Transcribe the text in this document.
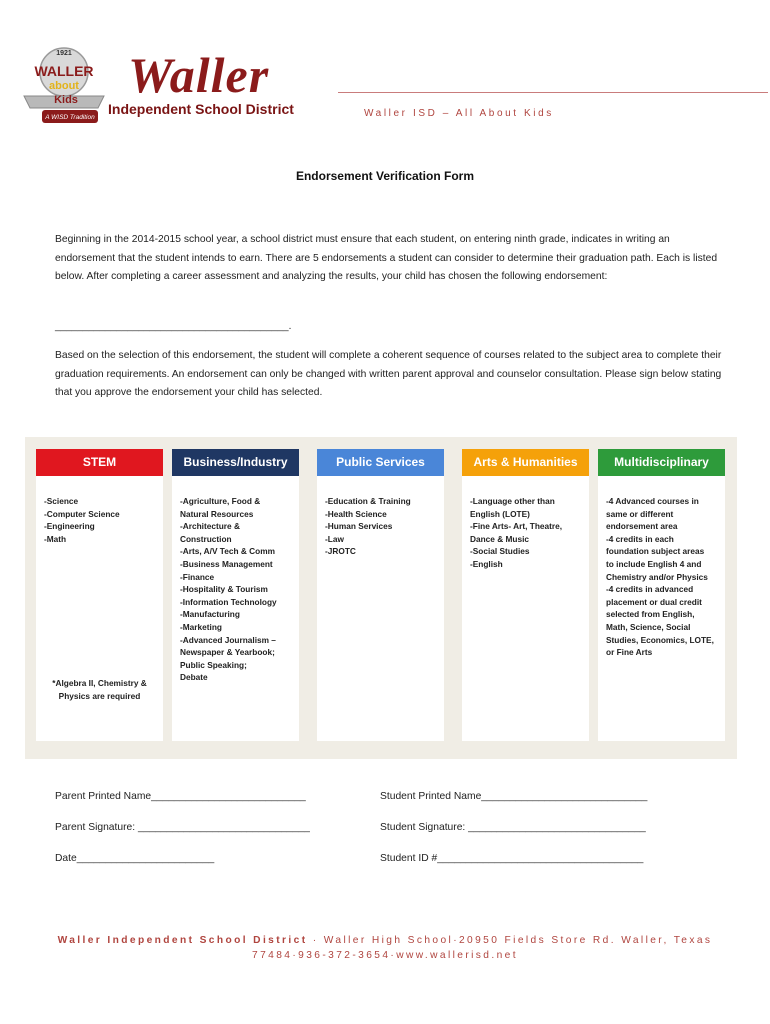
1921
WALLER
about
Kids
A WISD Tradition
Waller
Independent School District	Waller ISD – All About Kids
Endorsement Verification Form
Beginning in the 2014-2015 school year, a school district must ensure that each student, on entering ninth grade, indicates in writing an endorsement that the student intends to earn. There are 5 endorsements a student can consider to determine their graduation path. Each is listed below. After completing a career assessment and analyzing the results, your child has chosen the following endorsement:
__________________________________________.
Based on the selection of this endorsement, the student will complete a coherent sequence of courses related to the subject area to complete their graduation requirements. An endorsement can only be changed with written parent approval and counselor consultation. Please sign below stating that you approve the endorsement your child has selected.
STEM
-Science
-Computer Science
-Engineering
-Math
*Algebra II, Chemistry &
Physics are required
Business/Industry
-Agriculture, Food &
Natural Resources
-Architecture &
Construction
-Arts, A/V Tech & Comm
-Business Management
-Finance
-Hospitality & Tourism
-Information Technology
-Manufacturing
-Marketing
-Advanced Journalism –
Newspaper & Yearbook;
Public Speaking;
Debate
Public Services
-Education & Training
-Health Science
-Human Services
-Law
-JROTC
Arts & Humanities
-Language other than
English (LOTE)
-Fine Arts- Art, Theatre,
Dance & Music
-Social Studies
-English
Multidisciplinary
-4 Advanced courses in
same or different
endorsement area
-4 credits in each
foundation subject areas
to include English 4 and
Chemistry and/or Physics
-4 credits in advanced
placement or dual credit
selected from English,
Math, Science, Social
Studies, Economics, LOTE,
or Fine Arts
Parent Printed Name___________________________	Student Printed Name_____________________________
Parent Signature: ______________________________	Student Signature: _______________________________
Date________________________	Student ID #____________________________________
Waller Independent School District · Waller High School·20950 Fields Store Rd. Waller, Texas
77484·936-372-3654·www.wallerisd.net
